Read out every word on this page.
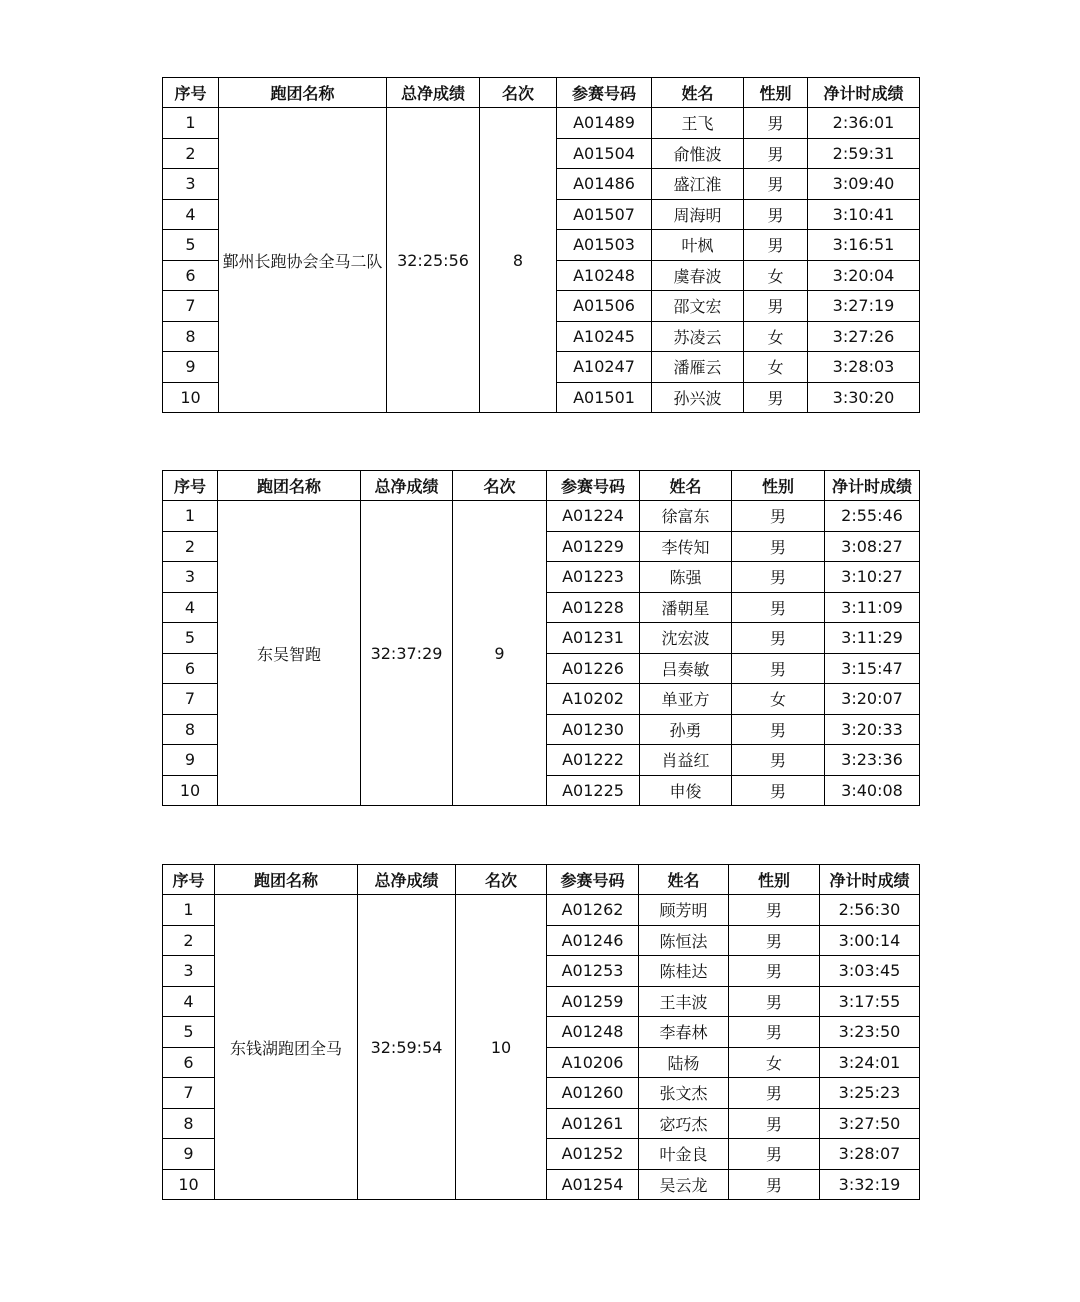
序号	跑团名称	总净成绩	名次	参赛号码	姓名	性别	净计时成绩
1	鄞州长跑协会全马二队	32:25:56	8	A01489	王飞	男	2:36:01
2				A01504	俞惟波	男	2:59:31
3				A01486	盛江淮	男	3:09:40
4				A01507	周海明	男	3:10:41
5				A01503	叶枫	男	3:16:51
6				A10248	虞春波	女	3:20:04
7				A01506	邵文宏	男	3:27:19
8				A10245	苏凌云	女	3:27:26
9				A10247	潘雁云	女	3:28:03
10				A01501	孙兴波	男	3:30:20
序号	跑团名称	总净成绩	名次	参赛号码	姓名	性别	净计时成绩
1	东吴智跑	32:37:29	9	A01224	徐富东	男	2:55:46
2				A01229	李传知	男	3:08:27
3				A01223	陈强	男	3:10:27
4				A01228	潘朝星	男	3:11:09
5				A01231	沈宏波	男	3:11:29
6				A01226	吕奏敏	男	3:15:47
7				A10202	单亚方	女	3:20:07
8				A01230	孙勇	男	3:20:33
9				A01222	肖益红	男	3:23:36
10				A01225	申俊	男	3:40:08
序号	跑团名称	总净成绩	名次	参赛号码	姓名	性别	净计时成绩
1	东钱湖跑团全马	32:59:54	10	A01262	顾芳明	男	2:56:30
2				A01246	陈恒法	男	3:00:14
3				A01253	陈桂达	男	3:03:45
4				A01259	王丰波	男	3:17:55
5				A01248	李春林	男	3:23:50
6				A10206	陆杨	女	3:24:01
7				A01260	张文杰	男	3:25:23
8				A01261	宓巧杰	男	3:27:50
9				A01252	叶金良	男	3:28:07
10				A01254	吴云龙	男	3:32:19
